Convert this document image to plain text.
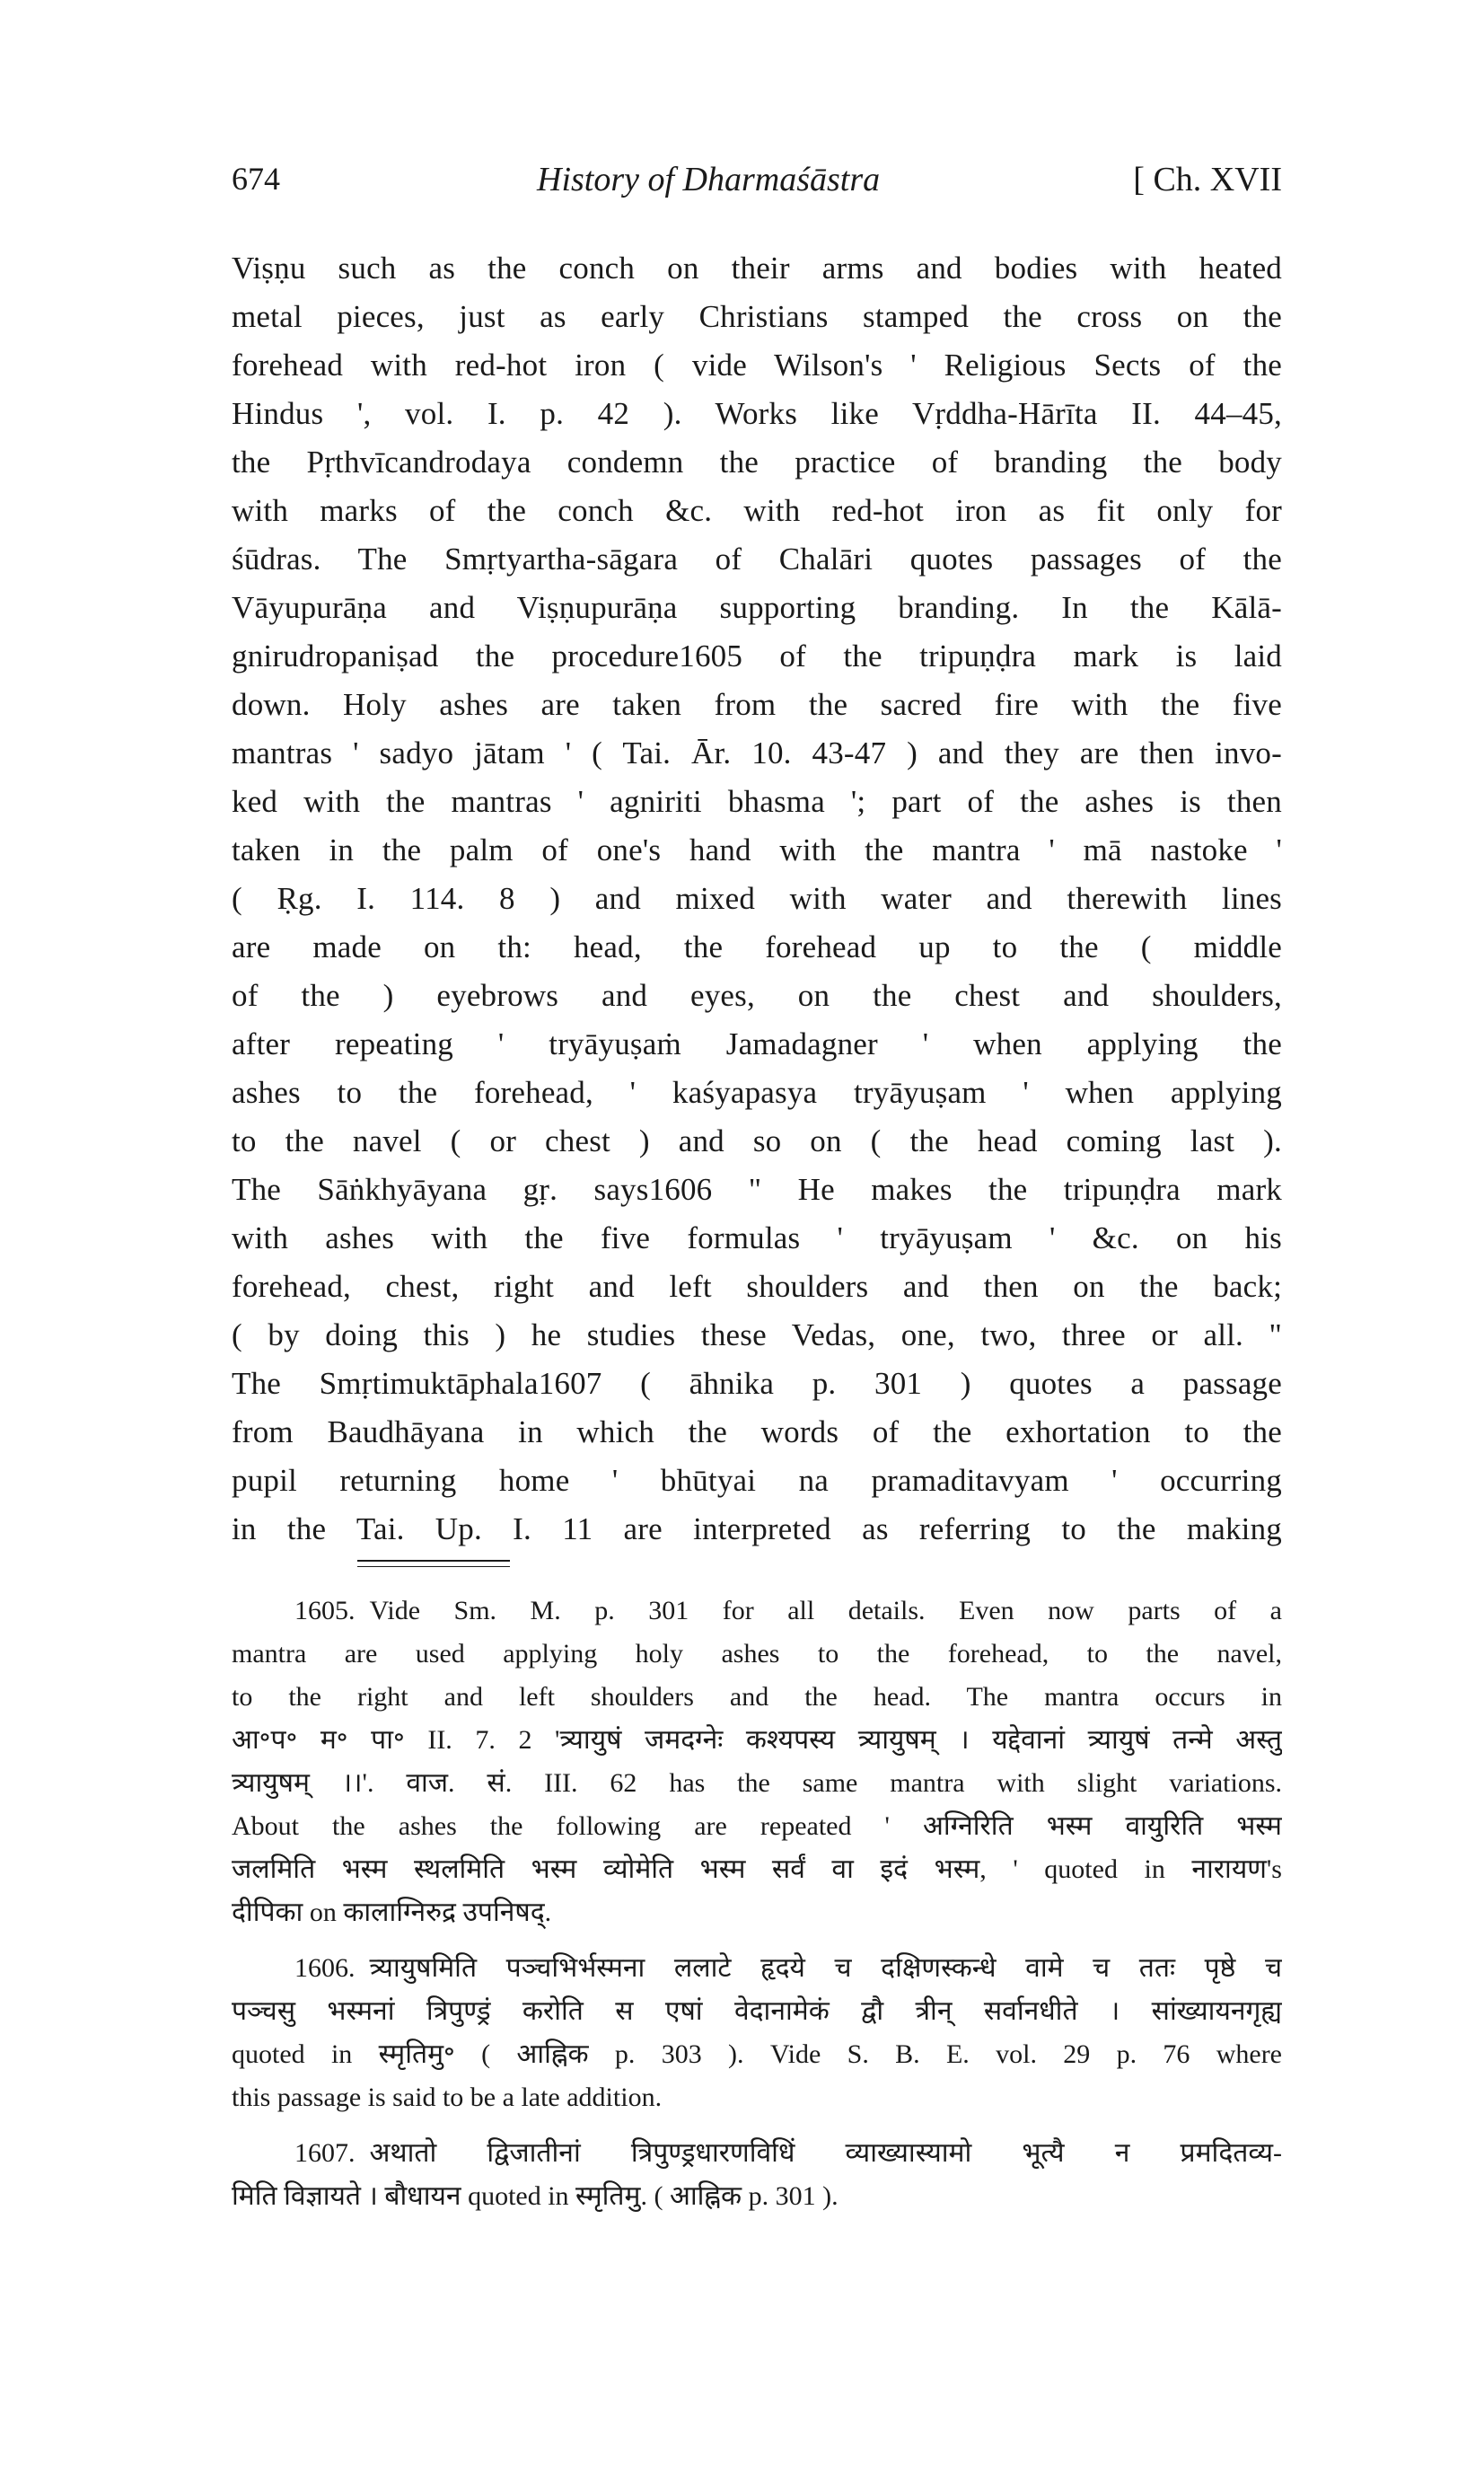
674	History of Dharmaśāstra	[ Ch. XVII
Viṣṇu such as the conch on their arms and bodies with heated
metal pieces, just as early Christians stamped the cross on the
forehead with red-hot iron ( vide Wilson's ' Religious Sects of the
Hindus ', vol. I. p. 42 ). Works like Vṛddha-Hārīta II. 44–45,
the Pṛthvīcandrodaya condemn the practice of branding the body
with marks of the conch &c. with red-hot iron as fit only for
śūdras. The Smṛtyartha-sāgara of Chalāri quotes passages of the
Vāyupurāṇa and Viṣṇupurāṇa supporting branding. In the Kālā-
gnirudropaniṣad the procedure1605 of the tripuṇḍra mark is laid
down. Holy ashes are taken from the sacred fire with the five
mantras ' sadyo jātam ' ( Tai. Ār. 10. 43-47 ) and they are then invo-
ked with the mantras ' agniriti bhasma '; part of the ashes is then
taken in the palm of one's hand with the mantra ' mā nastoke '
( Ṛg. I. 114. 8 ) and mixed with water and therewith lines
are made on th: head, the forehead up to the ( middle
of the ) eyebrows and eyes, on the chest and shoulders,
after repeating ' tryāyuṣaṁ Jamadagner ' when applying the
ashes to the forehead, ' kaśyapasya tryāyuṣam ' when applying
to the navel ( or chest ) and so on ( the head coming last ).
The Sāṅkhyāyana gṛ. says1606 " He makes the tripuṇḍra mark
with ashes with the five formulas ' tryāyuṣam ' &c. on his
forehead, chest, right and left shoulders and then on the back;
( by doing this ) he studies these Vedas, one, two, three or all. "
The Smṛtimuktāphala1607 ( āhnika p. 301 ) quotes a passage
from Baudhāyana in which the words of the exhortation to the
pupil returning home ' bhūtyai na pramaditavyam ' occurring
in the Tai. Up. I. 11 are interpreted as referring to the making
1605. Vide Sm. M. p. 301 for all details. Even now parts of a
mantra are used applying holy ashes to the forehead, to the navel,
to the right and left shoulders and the head. The mantra occurs in
आ॰प॰ म॰ पा॰ II. 7. 2 'त्र्यायुषं जमदग्नेः कश्यपस्य त्र्यायुषम् । यद्देवानां त्र्यायुषं तन्मे अस्तु
त्र्यायुषम् ।।'. वाज. सं. III. 62 has the same mantra with slight variations.
About the ashes the following are repeated ' अग्निरिति भस्म वायुरिति भस्म
जलमिति भस्म स्थलमिति भस्म व्योमेति भस्म सर्वं वा इदं भस्म, ' quoted in नारायण's
दीपिका on कालाग्निरुद्र उपनिषद्.
1606. त्र्यायुषमिति पञ्चभिर्भस्मना ललाटे हृदये च दक्षिणस्कन्धे वामे च ततः पृष्ठे च
पञ्चसु भस्मनां त्रिपुण्ड्रं करोति स एषां वेदानामेकं द्वौ त्रीन् सर्वानधीते । सांख्यायनगृह्य
quoted in स्मृतिमु॰ ( आह्निक p. 303 ). Vide S. B. E. vol. 29 p. 76 where
this passage is said to be a late addition.
1607. अथातो द्विजातीनां त्रिपुण्ड्रधारणविधिं व्याख्यास्यामो भूत्यै न प्रमदितव्य-
मिति विज्ञायते । बौधायन quoted in स्मृतिमु. ( आह्निक p. 301 ).
